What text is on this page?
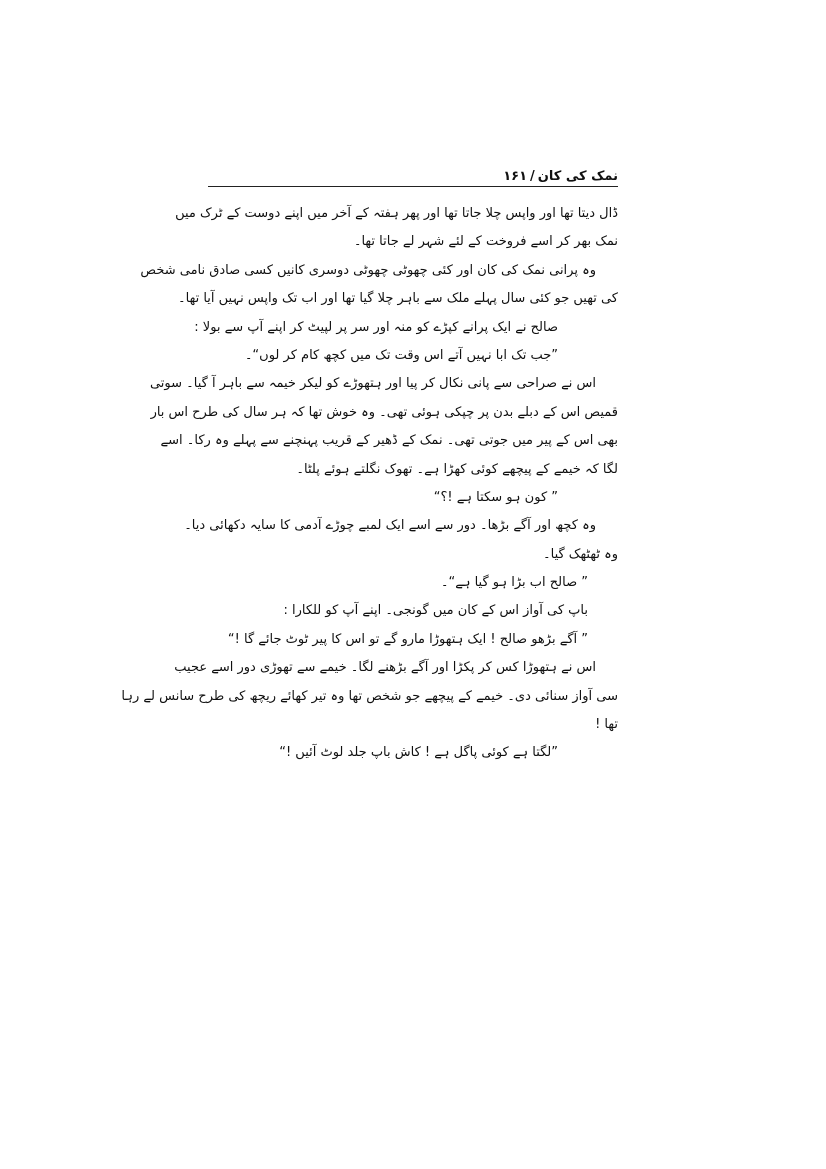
نمک کی کان
/
۱۶۱
ڈال دیتا تھا اور واپس چلا جاتا تھا اور پھر ہفتہ کے آخر میں اپنے دوست کے ٹرک میں
نمک بھر کر اسے فروخت کے لئے شہر لے جاتا تھا۔
وہ پرانی نمک کی کان اور کئی چھوٹی چھوٹی دوسری کانیں کسی صادق نامی شخص
کی تھیں جو کئی سال پہلے ملک سے باہر چلا گیا تھا اور اب تک واپس نہیں آیا تھا۔
صالح نے ایک پرانے کپڑے کو منہ اور سر پر لپیٹ کر اپنے آپ سے بولا :
”جب تک ابا نہیں آتے اس وقت تک میں کچھ کام کر لوں“۔
اس نے صراحی سے پانی نکال کر پیا اور ہتھوڑے کو لیکر خیمہ سے باہر آ گیا۔ سوتی
قمیص اس کے دبلے بدن پر چپکی ہوئی تھی۔ وہ خوش تھا کہ ہر سال کی طرح اس بار
بھی اس کے پیر میں جوتی تھی۔ نمک کے ڈھیر کے قریب پہنچنے سے پہلے وہ رکا۔ اسے
لگا کہ خیمے کے پیچھے کوئی کھڑا ہے۔ تھوک نگلتے ہوئے پلٹا۔
” کون ہو سکتا ہے !؟“
وہ کچھ اور آگے بڑھا۔ دور سے اسے ایک لمبے چوڑے آدمی کا سایہ دکھائی دیا۔
وہ ٹھٹھک گیا۔
” صالح اب بڑا ہو گیا ہے“۔
باپ کی آواز اس کے کان میں گونجی۔ اپنے آپ کو للکارا :
” آگے بڑھو صالح ! ایک ہتھوڑا مارو گے تو اس کا پیر ٹوٹ جائے گا !“
اس نے ہتھوڑا کس کر پکڑا اور آگے بڑھنے لگا۔ خیمے سے تھوڑی دور اسے عجیب
سی آواز سنائی دی۔ خیمے کے پیچھے جو شخص تھا وہ تیر کھائے ریچھ کی طرح سانس لے رہا
تھا !
”لگتا ہے کوئی پاگل ہے ! کاش باپ جلد لوٹ آئیں !“
